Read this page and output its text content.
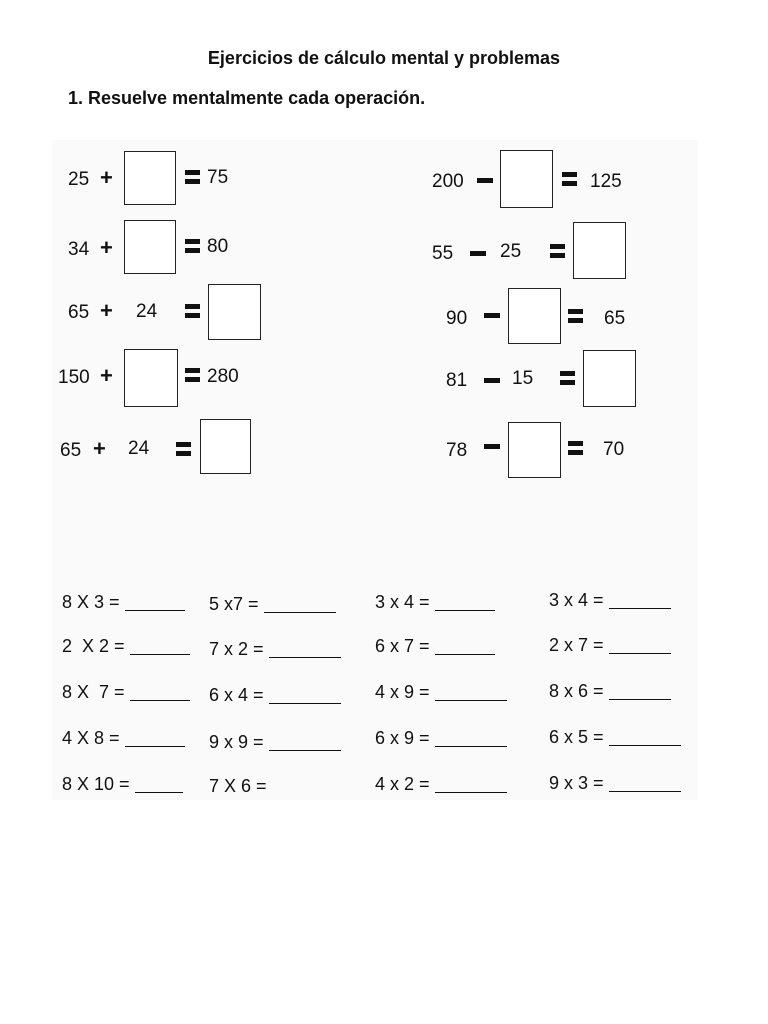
Ejercicios de cálculo mental y problemas
1. Resuelve mentalmente cada operación.
25 +	75
34 +	80
65 + 24
150 +	280
65 + 24
200	125
55 25
90	65
81 15
78	70
8 X 3 =
2  X 2 =
8 X  7 =
4 X 8 =
8 X 10 =
5 x7 =
7 x 2 =
6 x 4 =
9 x 9 =
7 X 6 =
3 x 4 =
6 x 7 =
4 x 9 =
6 x 9 =
4 x 2 =
3 x 4 =
2 x 7 =
8 x 6 =
6 x 5 =
9 x 3 =
